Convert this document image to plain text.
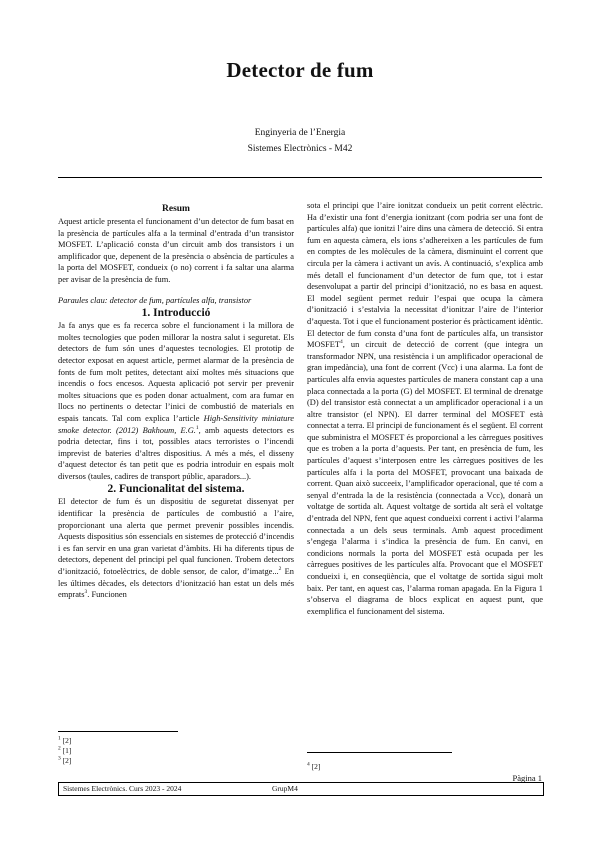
Detector de fum
Enginyeria de l’Energia
Sistemes Electrònics - M42

Resum

Aquest article presenta el funcionament d’un detector de fum basat en la presència de partícules alfa a la terminal d’entrada d’un transistor MOSFET. L’aplicació consta d’un circuit amb dos transistors i un amplificador que, depenent de la presència o absència de partícules a la porta del MOSFET, condueix (o no) corrent i fa saltar una alarma per avisar de la presència de fum.

Paraules clau: detector de fum, partícules alfa, transistor

1. Introducció

Ja fa anys que es fa recerca sobre el funcionament i la millora de moltes tecnologies que poden millorar la nostra salut i seguretat. Els detectors de fum són unes d’aquestes tecnologies. El prototip de detector exposat en aquest article, permet alarmar de la presència de fonts de fum molt petites, detectant així moltes més situacions que incendis o focs encesos. Aquesta aplicació pot servir per prevenir moltes situacions que es poden donar actualment, com ara fumar en llocs no pertinents o detectar l’inici de combustió de materials en espais tancats. Tal com explica l’article High-Sensitivity miniature smoke detector. (2012) Bakhoum, E.G.$^1$, amb aquests detectors es podria detectar, fins i tot, possibles atacs terroristes o l’incendi imprevist de bateries d’altres dispositius. A més a més, el disseny d’aquest detector és tan petit que es podria introduir en espais molt diversos (taules, cadires de transport públic, aparadors...).

2. Funcionalitat del sistema.

El detector de fum és un dispositiu de seguretat dissenyat per identificar la presència de partícules de combustió a l’aire, proporcionant una alerta que permet prevenir possibles incendis. Aquests dispositius són essencials en sistemes de protecció d’incendis i es fan servir en una gran varietat d’àmbits. Hi ha diferents tipus de detectors, depenent del principi pel qual funcionen. Trobem detectors d’ionització, fotoelèctrics, de doble sensor, de calor, d’imatge...$^2$ En les últimes dècades, els detectors d’ionització han estat un dels més emprats$^3$. Funcionen

sota el principi que l’aire ionitzat condueix un petit corrent elèctric. Ha d’existir una font d’energia ionitzant (com podria ser una font de partícules alfa) que ionitzi l’aire dins una càmera de detecció. Si entra fum en aquesta càmera, els ions s’adhereixen a les partícules de fum en comptes de les molècules de la càmera, disminuint el corrent que circula per la càmera i activant un avís. A continuació, s’explica amb més detall el funcionament d’un detector de fum que, tot i estar desenvolupat a partir del principi d’ionització, no es basa en aquest. El model següent permet reduir l’espai que ocupa la càmera d’ionització i s’estalvia la necessitat d’ionitzar l’aire de l’interior d’aquesta. Tot i que el funcionament posterior és pràcticament idèntic. El detector de fum consta d’una font de partícules alfa, un transistor MOSFET$^4$, un circuit de detecció de corrent (que integra un transformador NPN, una resistència i un amplificador operacional de gran impedància), una font de corrent (Vcc) i una alarma. La font de partícules alfa envia aquestes partícules de manera constant cap a una placa connectada a la porta (G) del MOSFET. El terminal de drenatge (D) del transistor està connectat a un amplificador operacional i a un altre transistor (el NPN). El darrer terminal del MOSFET està connectat a terra. El principi de funcionament és el següent. El corrent que subministra el MOSFET és proporcional a les càrregues positives que es troben a la porta d’aquests. Per tant, en presència de fum, les partícules d’aquest s’interposen entre les càrregues positives de les partícules alfa i la porta del MOSFET, provocant una baixada de corrent. Quan això succeeix, l’amplificador operacional, que té com a senyal d’entrada la de la resistència (connectada a Vcc), donarà un voltatge de sortida alt. Aquest voltatge de sortida alt serà el voltatge d’entrada del NPN, fent que aquest condueixi corrent i activi l’alarma connectada a un dels seus terminals. Amb aquest procediment s’engega l’alarma i s’indica la presència de fum. En canvi, en condicions normals la porta del MOSFET està ocupada per les càrregues positives de les partícules alfa. Provocant que el MOSFET condueixi i, en conseqüència, que el voltatge de sortida sigui molt baix. Per tant, en aquest cas, l’alarma roman apagada. En la Figura 1 s’observa el diagrama de blocs explicat en aquest punt, que exemplifica el funcionament del sistema.

$^1$ [2]
$^2$ [1]
$^3$ [2]	$^4$ [2]
Pàgina 1
Sistemes Electrònics. Curs 2023 - 2024	GrupM4
